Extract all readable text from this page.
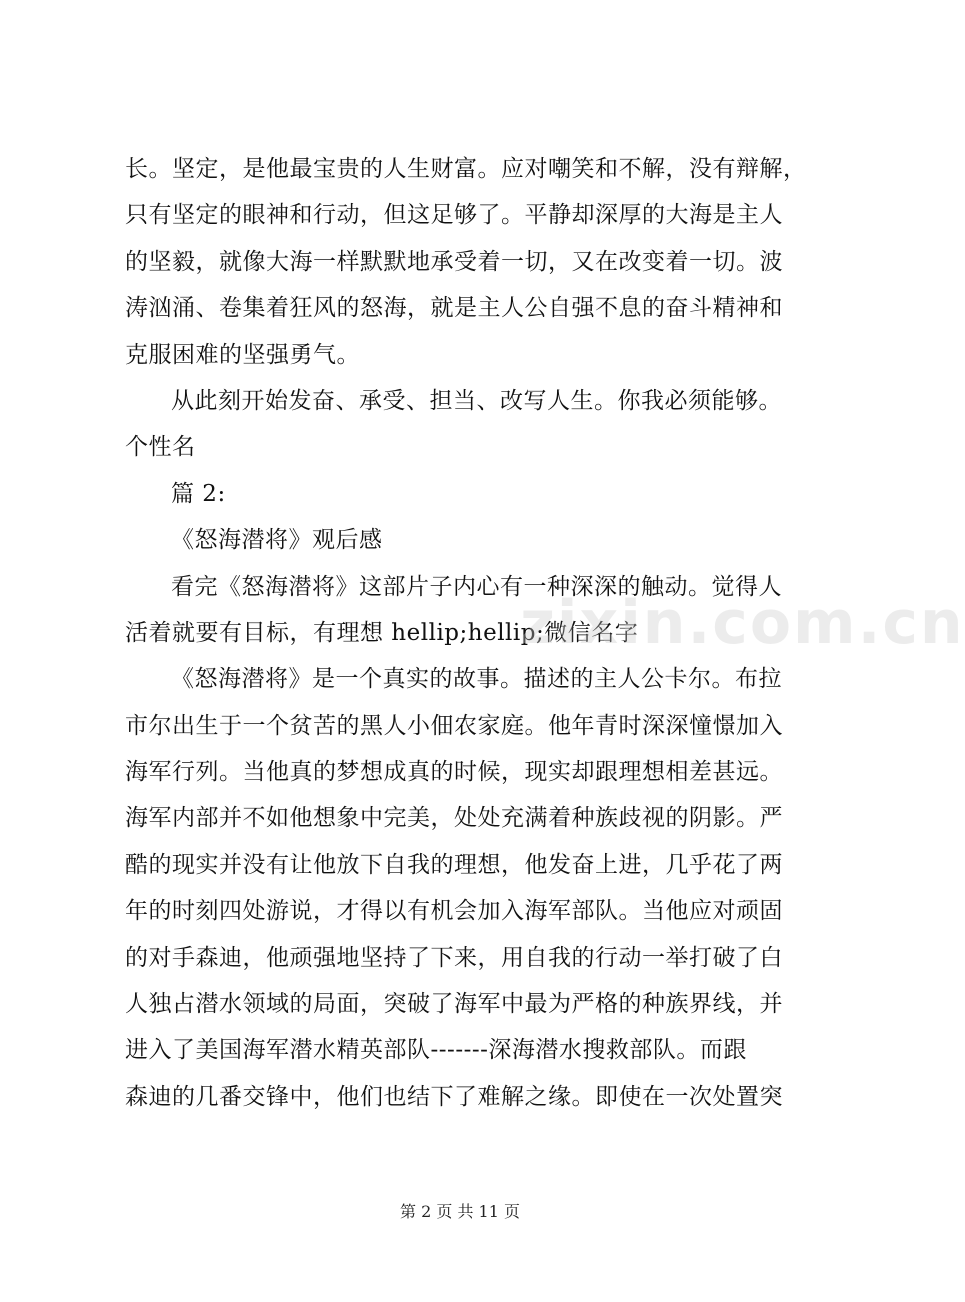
长。坚定，是他最宝贵的人生财富。应对嘲笑和不解，没有辩解，
只有坚定的眼神和行动，但这足够了。平静却深厚的大海是主人
的坚毅，就像大海一样默默地承受着一切，又在改变着一切。波
涛汹涌、卷集着狂风的怒海，就是主人公自强不息的奋斗精神和
克服困难的坚强勇气。
从此刻开始发奋、承受、担当、改写人生。你我必须能够。
个性名
篇 2:
《怒海潜将》观后感
看完《怒海潜将》这部片子内心有一种深深的触动。觉得人
活着就要有目标，有理想 hellip;hellip;微信名字
《怒海潜将》是一个真实的故事。描述的主人公卡尔。布拉
市尔出生于一个贫苦的黑人小佃农家庭。他年青时深深憧憬加入
海军行列。当他真的梦想成真的时候，现实却跟理想相差甚远。
海军内部并不如他想象中完美，处处充满着种族歧视的阴影。严
酷的现实并没有让他放下自我的理想，他发奋上进，几乎花了两
年的时刻四处游说，才得以有机会加入海军部队。当他应对顽固
的对手森迪，他顽强地坚持了下来，用自我的行动一举打破了白
人独占潜水领域的局面，突破了海军中最为严格的种族界线，并
进入了美国海军潜水精英部队-------深海潜水搜救部队。而跟
森迪的几番交锋中，他们也结下了难解之缘。即使在一次处置突
zixin.com.cn
第 2 页 共 11 页
